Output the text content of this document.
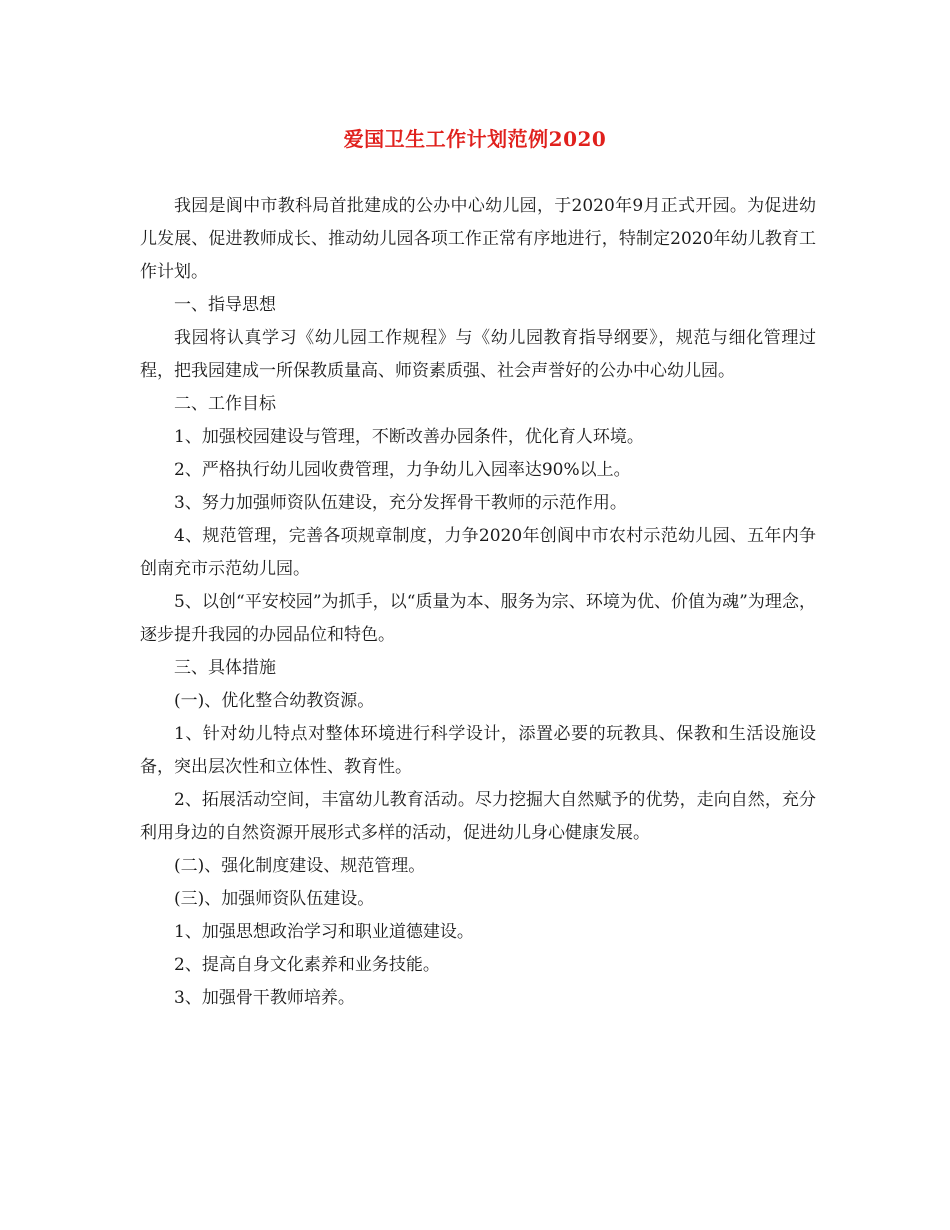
爱国卫生工作计划范例2020

我园是阆中市教科局首批建成的公办中心幼儿园，于2020年9月正式开园。为促进幼儿发展、促进教师成长、推动幼儿园各项工作正常有序地进行，特制定2020年幼儿教育工作计划。

一、指导思想

我园将认真学习《幼儿园工作规程》与《幼儿园教育指导纲要》，规范与细化管理过程，把我园建成一所保教质量高、师资素质强、社会声誉好的公办中心幼儿园。

二、工作目标

1、加强校园建设与管理，不断改善办园条件，优化育人环境。

2、严格执行幼儿园收费管理，力争幼儿入园率达90%以上。

3、努力加强师资队伍建设，充分发挥骨干教师的示范作用。

4、规范管理，完善各项规章制度，力争2020年创阆中市农村示范幼儿园、五年内争创南充市示范幼儿园。

5、以创“平安校园”为抓手，以“质量为本、服务为宗、环境为优、价值为魂”为理念，逐步提升我园的办园品位和特色。

三、具体措施

(一)、优化整合幼教资源。

1、针对幼儿特点对整体环境进行科学设计，添置必要的玩教具、保教和生活设施设备，突出层次性和立体性、教育性。

2、拓展活动空间，丰富幼儿教育活动。尽力挖掘大自然赋予的优势，走向自然，充分利用身边的自然资源开展形式多样的活动，促进幼儿身心健康发展。

(二)、强化制度建设、规范管理。

(三)、加强师资队伍建设。

1、加强思想政治学习和职业道德建设。

2、提高自身文化素养和业务技能。

3、加强骨干教师培养。
